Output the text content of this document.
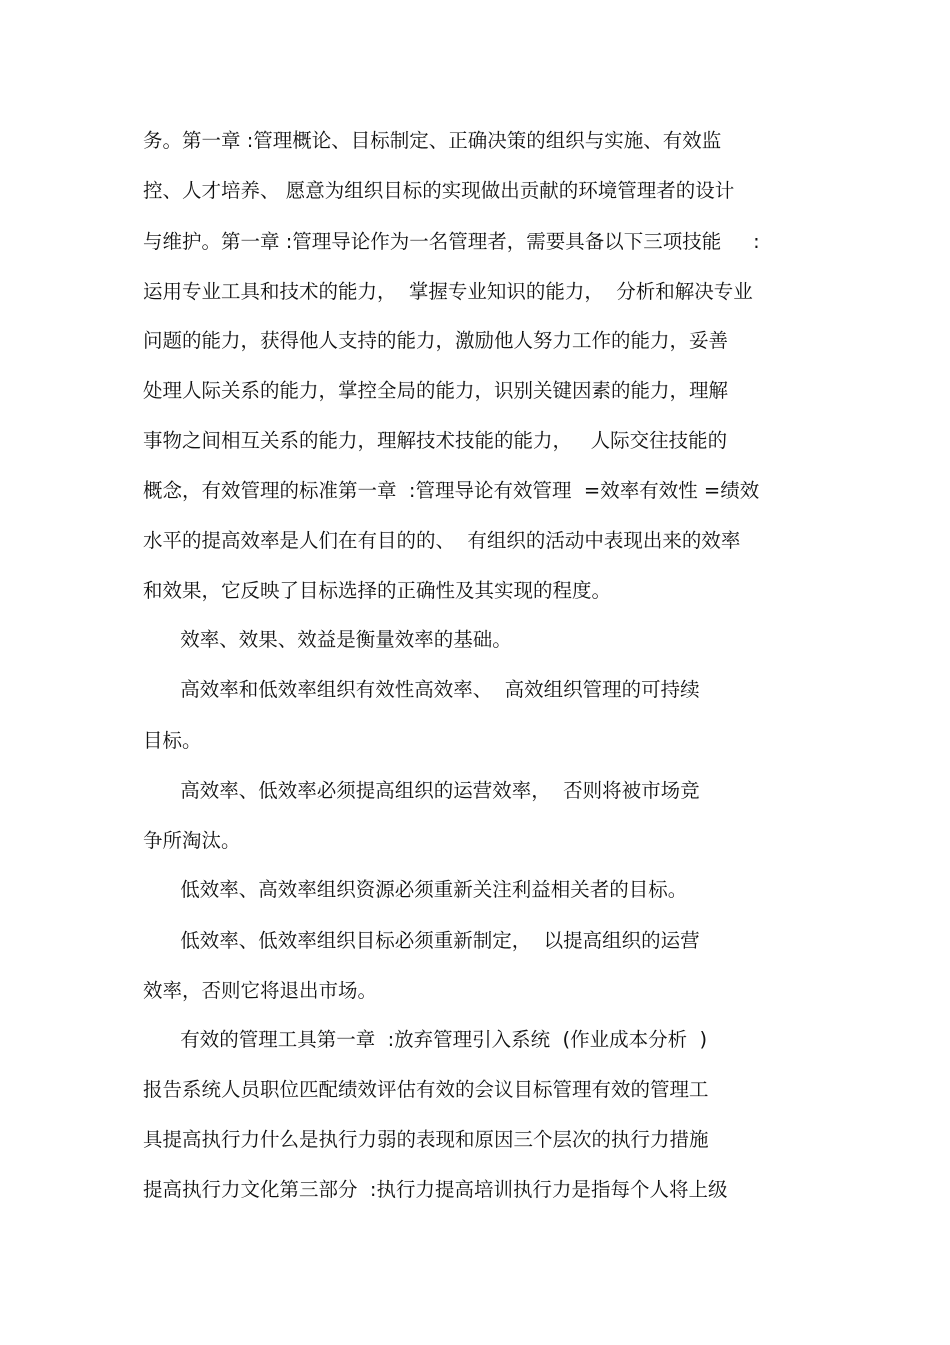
务。第一章 :管理概论、目标制定、正确决策的组织与实施、有效监
控、人才培养、 愿意为组织目标的实现做出贡献的环境管理者的设计
与维护。第一章 :管理导论作为一名管理者，需要具备以下三项技能 　 :
运用专业工具和技术的能力，  掌握专业知识的能力，  分析和解决专业
问题的能力，获得他人支持的能力，激励他人努力工作的能力，妥善
处理人际关系的能力，掌控全局的能力，识别关键因素的能力，理解
事物之间相互关系的能力，理解技术技能的能力，   人际交往技能的
概念，有效管理的标准第一章  :管理导论有效管理  =效率有效性 =绩效
水平的提高效率是人们在有目的的、  有组织的活动中表现出来的效率
和效果，它反映了目标选择的正确性及其实现的程度。
效率、效果、效益是衡量效率的基础。
高效率和低效率组织有效性高效率、  高效组织管理的可持续
目标。
高效率、低效率必须提高组织的运营效率，  否则将被市场竞
争所淘汰。
低效率、高效率组织资源必须重新关注利益相关者的目标。
低效率、低效率组织目标必须重新制定，  以提高组织的运营
效率，否则它将退出市场。
有效的管理工具第一章  :放弃管理引入系统  (作业成本分析  )
报告系统人员职位匹配绩效评估有效的会议目标管理有效的管理工
具提高执行力什么是执行力弱的表现和原因三个层次的执行力措施
提高执行力文化第三部分  :执行力提高培训执行力是指每个人将上级
